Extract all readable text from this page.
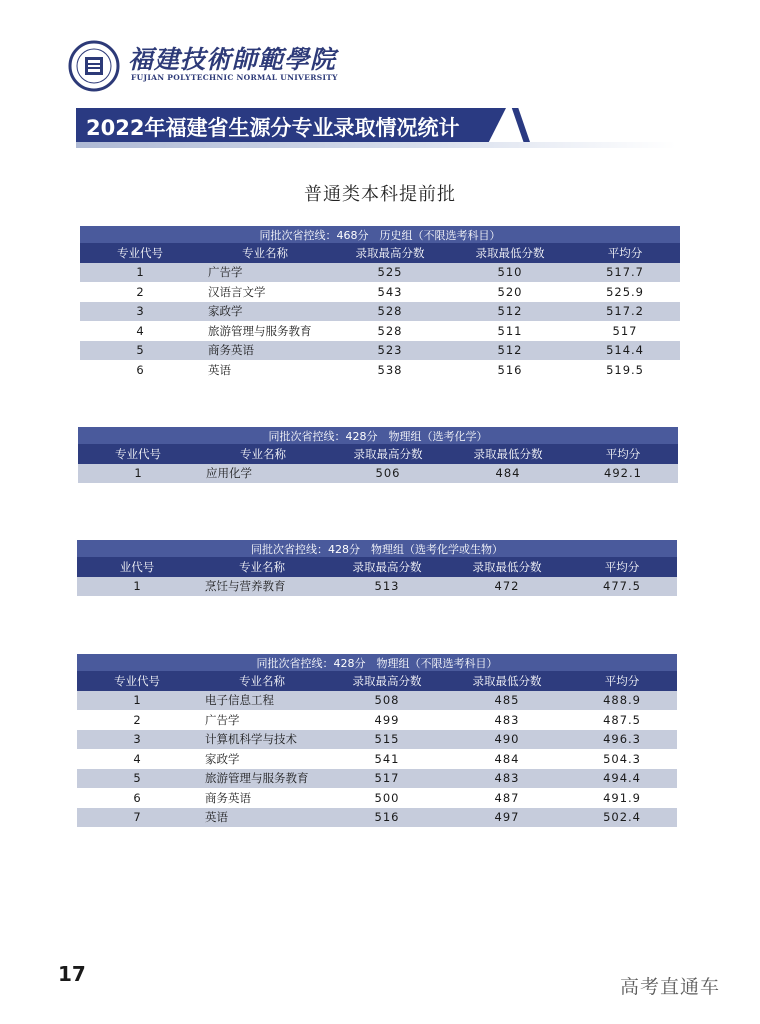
福建技術師範學院
FUJIAN POLYTECHNIC NORMAL UNIVERSITY
2022年福建省生源分专业录取情况统计
普通类本科提前批
同批次省控线：468分　历史组（不限选考科目）				
专业代号	专业名称	录取最高分数	录取最低分数	平均分
1	广告学	525	510	517.7
2	汉语言文学	543	520	525.9
3	家政学	528	512	517.2
4	旅游管理与服务教育	528	511	517
5	商务英语	523	512	514.4
6	英语	538	516	519.5
同批次省控线：428分　物理组（选考化学）				
专业代号	专业名称	录取最高分数	录取最低分数	平均分
1	应用化学	506	484	492.1
同批次省控线：428分　物理组（选考化学或生物）				
业代号	专业名称	录取最高分数	录取最低分数	平均分
1	烹饪与营养教育	513	472	477.5
同批次省控线：428分　物理组（不限选考科目）				
专业代号	专业名称	录取最高分数	录取最低分数	平均分
1	电子信息工程	508	485	488.9
2	广告学	499	483	487.5
3	计算机科学与技术	515	490	496.3
4	家政学	541	484	504.3
5	旅游管理与服务教育	517	483	494.4
6	商务英语	500	487	491.9
7	英语	516	497	502.4
17
高考直通车
